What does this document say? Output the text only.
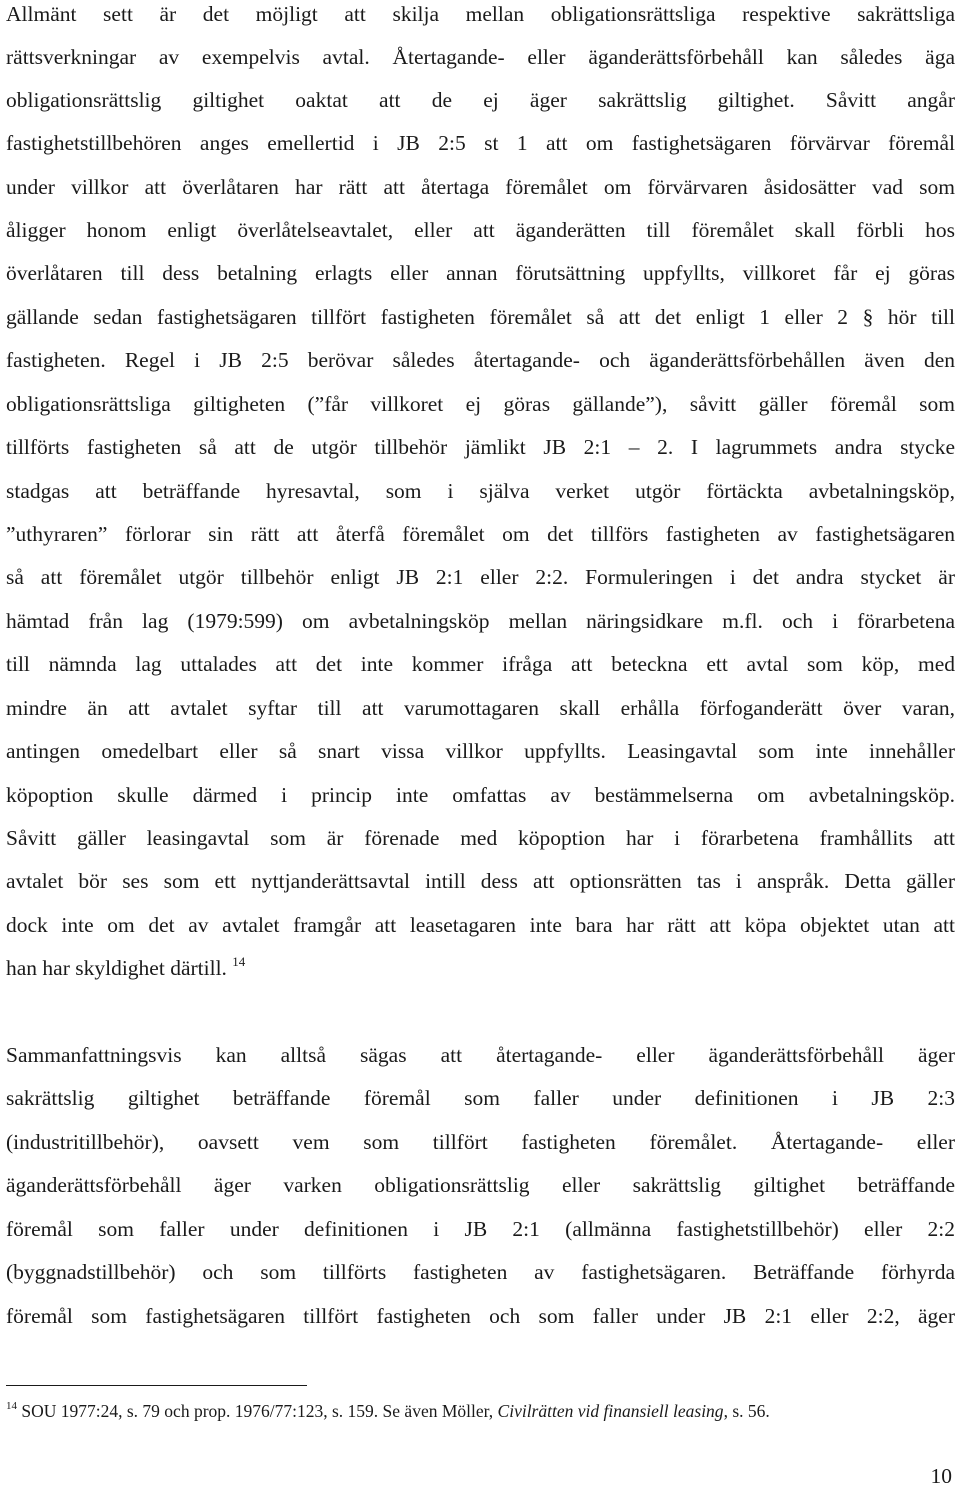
Allmänt sett är det möjligt att skilja mellan obligationsrättsliga respektive sakrättsliga
rättsverkningar av exempelvis avtal. Återtagande- eller äganderättsförbehåll kan således äga
obligationsrättslig giltighet oaktat att de ej äger sakrättslig giltighet. Såvitt angår
fastighetstillbehören anges emellertid i JB 2:5 st 1 att om fastighetsägaren förvärvar föremål
under villkor att överlåtaren har rätt att återtaga föremålet om förvärvaren åsidosätter vad som
åligger honom enligt överlåtelseavtalet, eller att äganderätten till föremålet skall förbli hos
överlåtaren till dess betalning erlagts eller annan förutsättning uppfyllts, villkoret får ej göras
gällande sedan fastighetsägaren tillfört fastigheten föremålet så att det enligt 1 eller 2 § hör till
fastigheten. Regel i JB 2:5 berövar således återtagande- och äganderättsförbehållen även den
obligationsrättsliga giltigheten (”får villkoret ej göras gällande”), såvitt gäller föremål som
tillförts fastigheten så att de utgör tillbehör jämlikt JB 2:1 – 2. I lagrummets andra stycke
stadgas att beträffande hyresavtal, som i själva verket utgör förtäckta avbetalningsköp,
”uthyraren” förlorar sin rätt att återfå föremålet om det tillförs fastigheten av fastighetsägaren
så att föremålet utgör tillbehör enligt JB 2:1 eller 2:2. Formuleringen i det andra stycket är
hämtad från lag (1979:599) om avbetalningsköp mellan näringsidkare m.fl. och i förarbetena
till nämnda lag uttalades att det inte kommer ifråga att beteckna ett avtal som köp, med
mindre än att avtalet syftar till att varumottagaren skall erhålla förfoganderätt över varan,
antingen omedelbart eller så snart vissa villkor uppfyllts. Leasingavtal som inte innehåller
köpoption skulle därmed i princip inte omfattas av bestämmelserna om avbetalningsköp.
Såvitt gäller leasingavtal som är förenade med köpoption har i förarbetena framhållits att
avtalet bör ses som ett nyttjanderättsavtal intill dess att optionsrätten tas i anspråk. Detta gäller
dock inte om det av avtalet framgår att leasetagaren inte bara har rätt att köpa objektet utan att
han har skyldighet därtill. $^{14}$
Sammanfattningsvis kan alltså sägas att återtagande- eller äganderättsförbehåll äger
sakrättslig giltighet beträffande föremål som faller under definitionen i JB 2:3
(industritillbehör), oavsett vem som tillfört fastigheten föremålet. Återtagande- eller
äganderättsförbehåll äger varken obligationsrättslig eller sakrättslig giltighet beträffande
föremål som faller under definitionen i JB 2:1 (allmänna fastighetstillbehör) eller 2:2
(byggnadstillbehör) och som tillförts fastigheten av fastighetsägaren. Beträffande förhyrda
föremål som fastighetsägaren tillfört fastigheten och som faller under JB 2:1 eller 2:2, äger
$^{14}$ SOU 1977:24, s. 79 och prop. 1976/77:123, s. 159. Se även Möller, Civilrätten vid finansiell leasing, s. 56.
10
